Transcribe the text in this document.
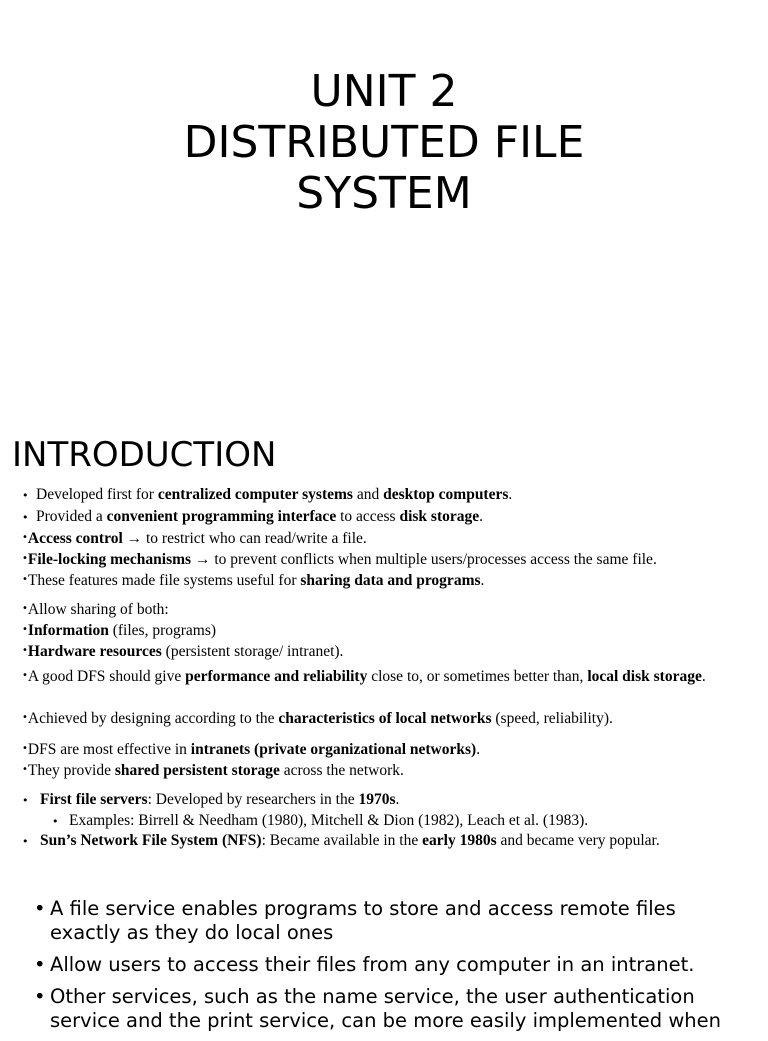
UNIT 2
DISTRIBUTED FILE
SYSTEM
INTRODUCTION
• Developed first for centralized computer systems and desktop computers.
• Provided a convenient programming interface to access disk storage.
•Access control → to restrict who can read/write a file.
•File-locking mechanisms → to prevent conflicts when multiple users/processes access the same file.
•These features made file systems useful for sharing data and programs.
•Allow sharing of both:
•Information (files, programs)
•Hardware resources (persistent storage/ intranet).
•A good DFS should give performance and reliability close to, or sometimes better than, local disk storage.
•Achieved by designing according to the characteristics of local networks (speed, reliability).
•DFS are most effective in intranets (private organizational networks).
•They provide shared persistent storage across the network.
• First file servers: Developed by researchers in the 1970s.
• Examples: Birrell & Needham (1980), Mitchell & Dion (1982), Leach et al. (1983).
• Sun’s Network File System (NFS): Became available in the early 1980s and became very popular.
• A file service enables programs to store and access remote files exactly as they do local ones
• Allow users to access their files from any computer in an intranet.
• Other services, such as the name service, the user authentication service and the print service, can be more easily implemented when
